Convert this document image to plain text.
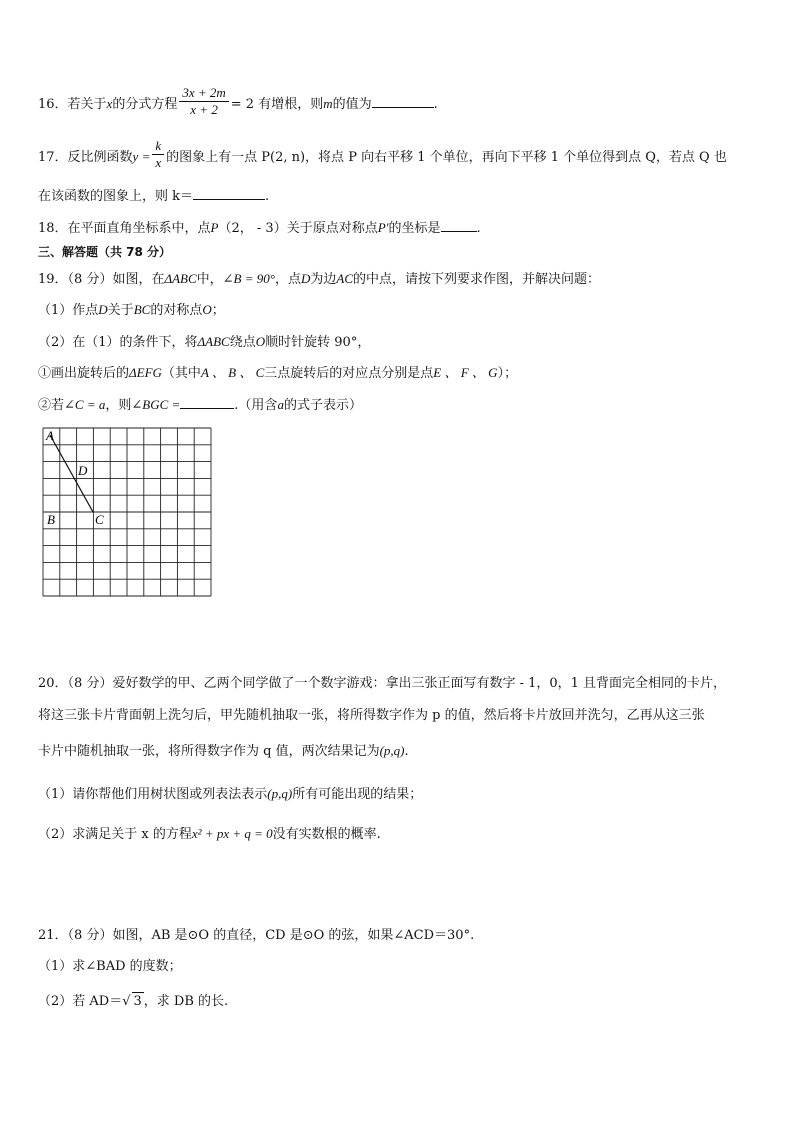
16．若关于x的分式方程 $\frac{3x + 2m}{x + 2} = 2$ 有增根，则m的值为	.
17．反比例函数$y = \frac{k}{x}$ 的图象上有一点 P(2, n)，将点 P 向右平移 1 个单位，再向下平移 1 个单位得到点 Q，若点 Q 也
在该函数的图象上，则 k＝	.
18．在平面直角坐标系中，点P（2， - 3）关于原点对称点P′的坐标是	.
三、解答题（共 78 分）
19．（8 分）如图，在ΔABC中，∠B = 90°，点D为边AC的中点，请按下列要求作图，并解决问题：
（1）作点D关于BC的对称点O；
（2）在（1）的条件下，将ΔABC绕点O顺时针旋转 90°，
①画出旋转后的ΔEFG（其中A 、 B 、 C三点旋转后的对应点分别是点E 、 F 、 G）；
②若∠C = a，则∠BGC =	.（用含a的式子表示）
A
D
B	C
20．（8 分）爱好数学的甲、乙两个同学做了一个数字游戏：拿出三张正面写有数字 - 1，0，1 且背面完全相同的卡片，
将这三张卡片背面朝上洗匀后，甲先随机抽取一张，将所得数字作为 p 的值，然后将卡片放回并洗匀，乙再从这三张
卡片中随机抽取一张，将所得数字作为 q 值，两次结果记为(p,q).
（1）请你帮他们用树状图或列表法表示(p,q)所有可能出现的结果；
（2）求满足关于 x 的方程x² + px + q = 0没有实数根的概率.
21．（8 分）如图，AB 是⊙O 的直径，CD 是⊙O 的弦，如果∠ACD＝30°.
（1）求∠BAD 的度数；
（2）若 AD＝√ 3 ，求 DB 的长.
